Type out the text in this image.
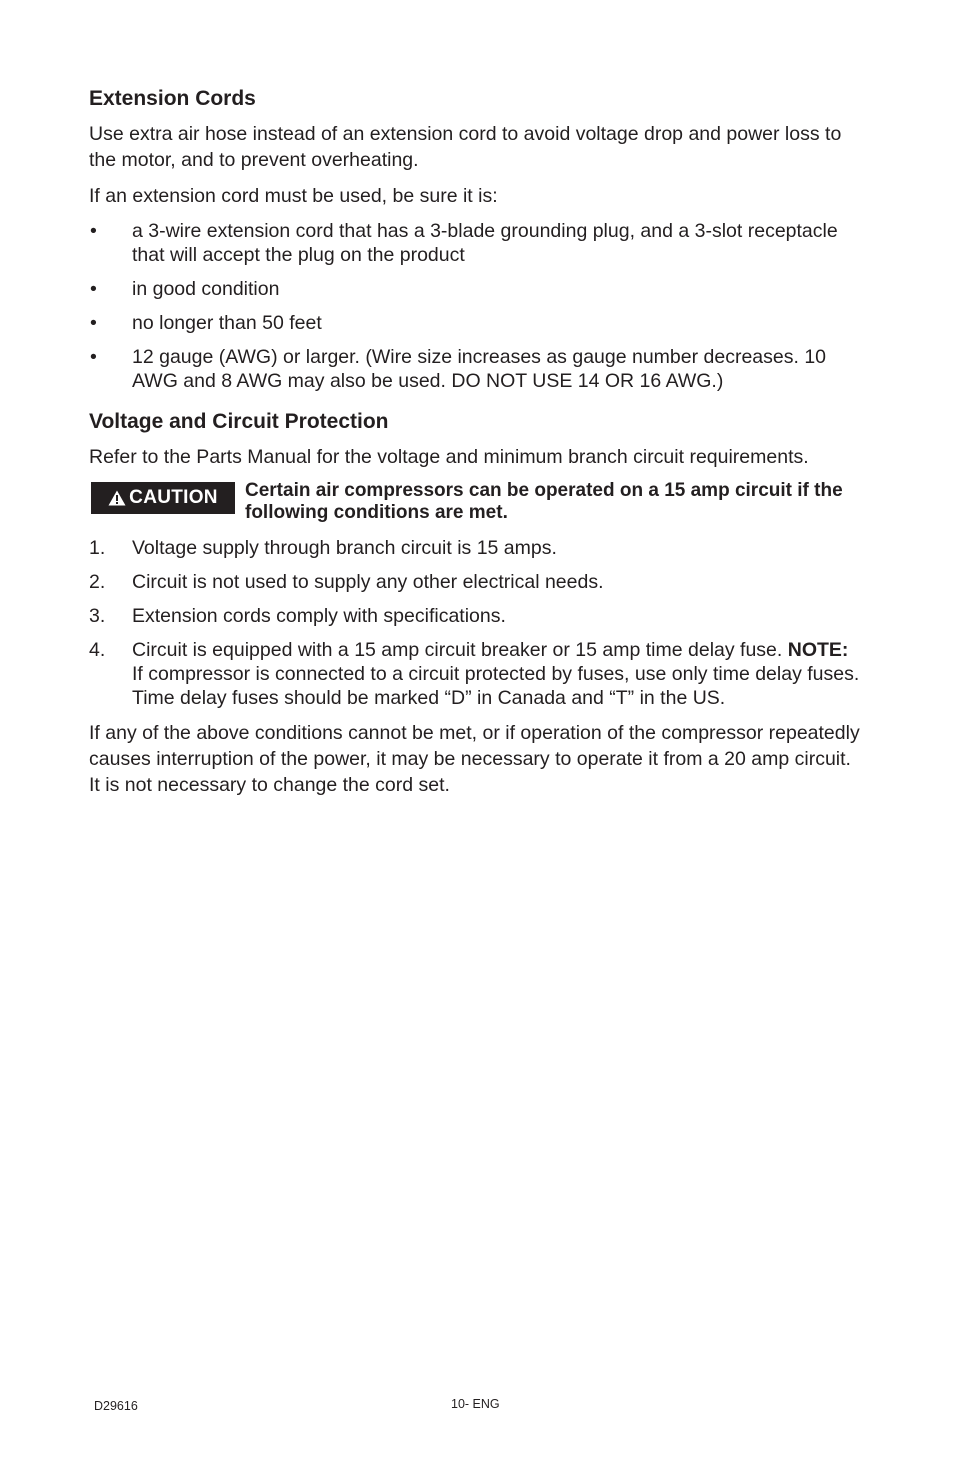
Extension Cords

Use extra air hose instead of an extension cord to avoid voltage drop and power loss to the motor, and to prevent overheating.

If an extension cord must be used, be sure it is:

• a 3-wire extension cord that has a 3-blade grounding plug, and a 3-slot receptacle that will accept the plug on the product
• in good condition
• no longer than 50 feet
• 12 gauge (AWG) or larger. (Wire size increases as gauge number decreases. 10 AWG and 8 AWG may also be used. DO NOT USE 14 OR 16 AWG.)
Voltage and Circuit Protection

Refer to the Parts Manual for the voltage and minimum branch circuit requirements.

CAUTION Certain air compressors can be operated on a 15 amp circuit if the following conditions are met.
1. Voltage supply through branch circuit is 15 amps.
2. Circuit is not used to supply any other electrical needs.
3. Extension cords comply with specifications.
4. Circuit is equipped with a 15 amp circuit breaker or 15 amp time delay fuse. NOTE: If compressor is connected to a circuit protected by fuses, use only time delay fuses. Time delay fuses should be marked “D” in Canada and “T” in the US.

If any of the above conditions cannot be met, or if operation of the compressor repeatedly causes interruption of the power, it may be necessary to operate it from a 20 amp circuit. It is not necessary to change the cord set.

D29616	10- ENG
